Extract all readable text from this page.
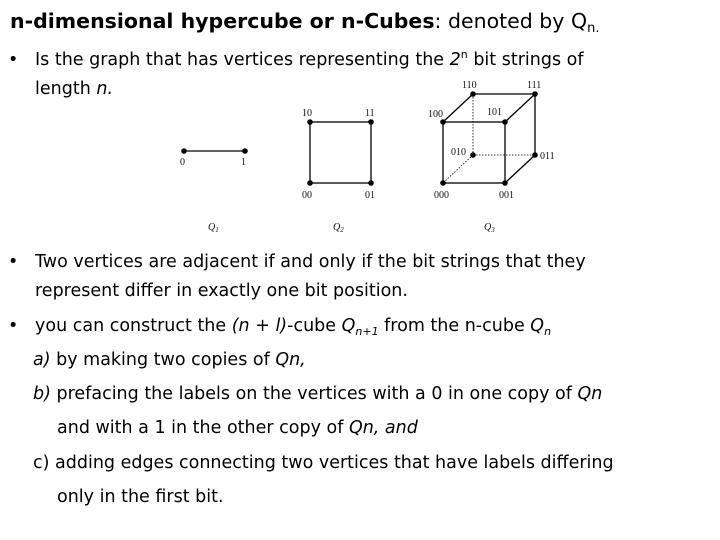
n-dimensional hypercube or n-Cubes: denoted by $Q_{n.}$
• Is the graph that has vertices representing the 2$^n$ bit strings of
length n.
0	1
$Q_1$
10	11
00	01
$Q_2$
110	111
100	101
010	011
000	001
$Q_3$
• Two vertices are adjacent if and only if the bit strings that they
represent differ in exactly one bit position.
• you can construct the (n + l)-cube $Q_{n+1}$ from the n-cube $Q_n$
a) by making two copies of Qn,
b) prefacing the labels on the vertices with a 0 in one copy of Qn
and with a 1 in the other copy of Qn, and
c) adding edges connecting two vertices that have labels differing
only in the first bit.
